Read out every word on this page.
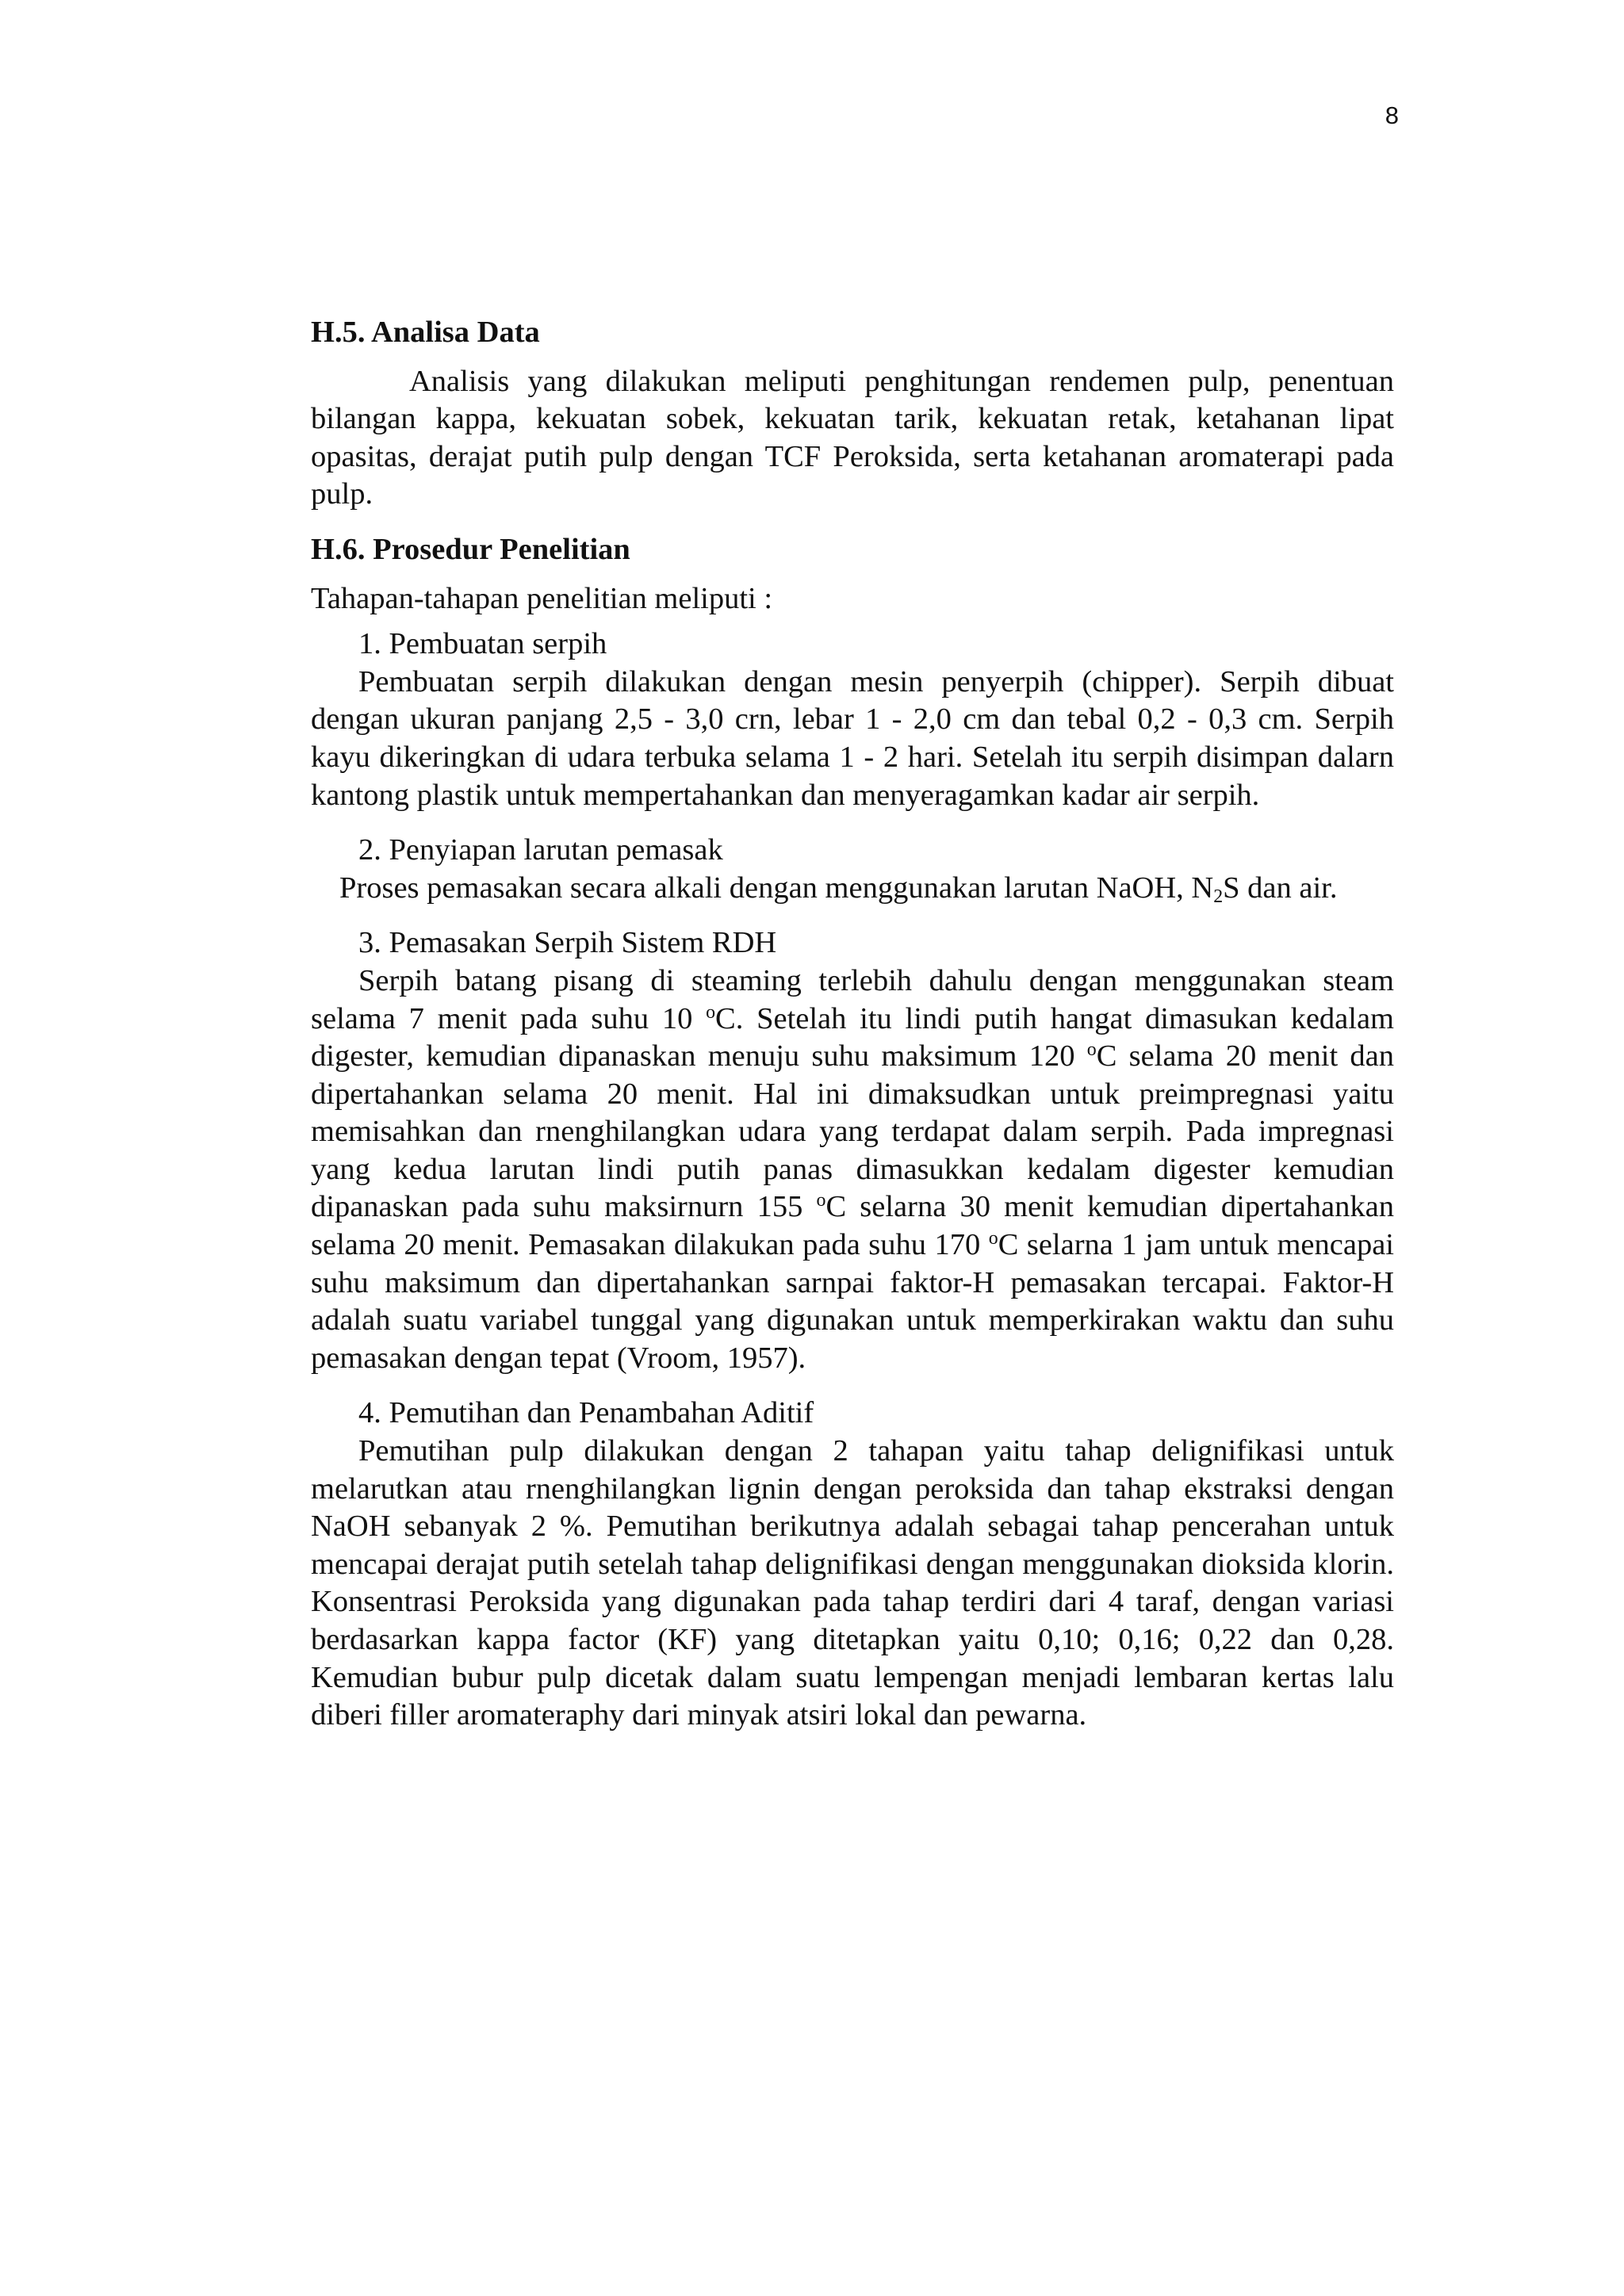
8

H.5. Analisa Data

Analisis yang dilakukan meliputi penghitungan rendemen pulp, penentuan bilangan kappa, kekuatan sobek, kekuatan tarik, kekuatan retak, ketahanan lipat opasitas, derajat putih pulp dengan TCF Peroksida, serta ketahanan aromaterapi pada pulp.

H.6. Prosedur Penelitian

Tahapan-tahapan penelitian meliputi :

1. Pembuatan serpih

Pembuatan serpih dilakukan dengan mesin penyerpih (chipper). Serpih dibuat dengan ukuran panjang 2,5 - 3,0 crn, lebar 1 - 2,0 cm dan tebal 0,2 - 0,3 cm. Serpih kayu dikeringkan di udara terbuka selama 1 - 2 hari. Setelah itu serpih disimpan dalarn kantong plastik untuk mempertahankan dan menyeragamkan kadar air serpih.

2. Penyiapan larutan pemasak

Proses pemasakan secara alkali dengan menggunakan larutan NaOH, $N_2S$ dan air.

3. Pemasakan Serpih Sistem RDH

Serpih batang pisang di steaming terlebih dahulu dengan menggunakan steam selama 7 menit pada suhu 10 $^o$C. Setelah itu lindi putih hangat dimasukan kedalam digester, kemudian dipanaskan menuju suhu maksimum 120 $^o$C selama 20 menit dan dipertahankan selama 20 menit. Hal ini dimaksudkan untuk preimpregnasi yaitu memisahkan dan rnenghilangkan udara yang terdapat dalam serpih. Pada impregnasi yang kedua larutan lindi putih panas dimasukkan kedalam digester kemudian dipanaskan pada suhu maksirnurn 155 $^o$C selarna 30 menit kemudian dipertahankan selama 20 menit. Pemasakan dilakukan pada suhu 170 $^o$C selarna 1 jam untuk mencapai suhu maksimum dan dipertahankan sarnpai faktor-H pemasakan tercapai. Faktor-H adalah suatu variabel tunggal yang digunakan untuk memperkirakan waktu dan suhu pemasakan dengan tepat (Vroom, 1957).

4. Pemutihan dan Penambahan Aditif

Pemutihan pulp dilakukan dengan 2 tahapan yaitu tahap delignifikasi untuk melarutkan atau rnenghilangkan lignin dengan peroksida dan tahap ekstraksi dengan NaOH sebanyak 2 %. Pemutihan berikutnya adalah sebagai tahap pencerahan untuk mencapai derajat putih setelah tahap delignifikasi dengan menggunakan dioksida klorin. Konsentrasi Peroksida yang digunakan pada tahap terdiri dari 4 taraf, dengan variasi berdasarkan kappa factor (KF) yang ditetapkan yaitu 0,10; 0,16; 0,22 dan 0,28. Kemudian bubur pulp dicetak dalam suatu lempengan menjadi lembaran kertas lalu diberi filler aromateraphy dari minyak atsiri lokal dan pewarna.
